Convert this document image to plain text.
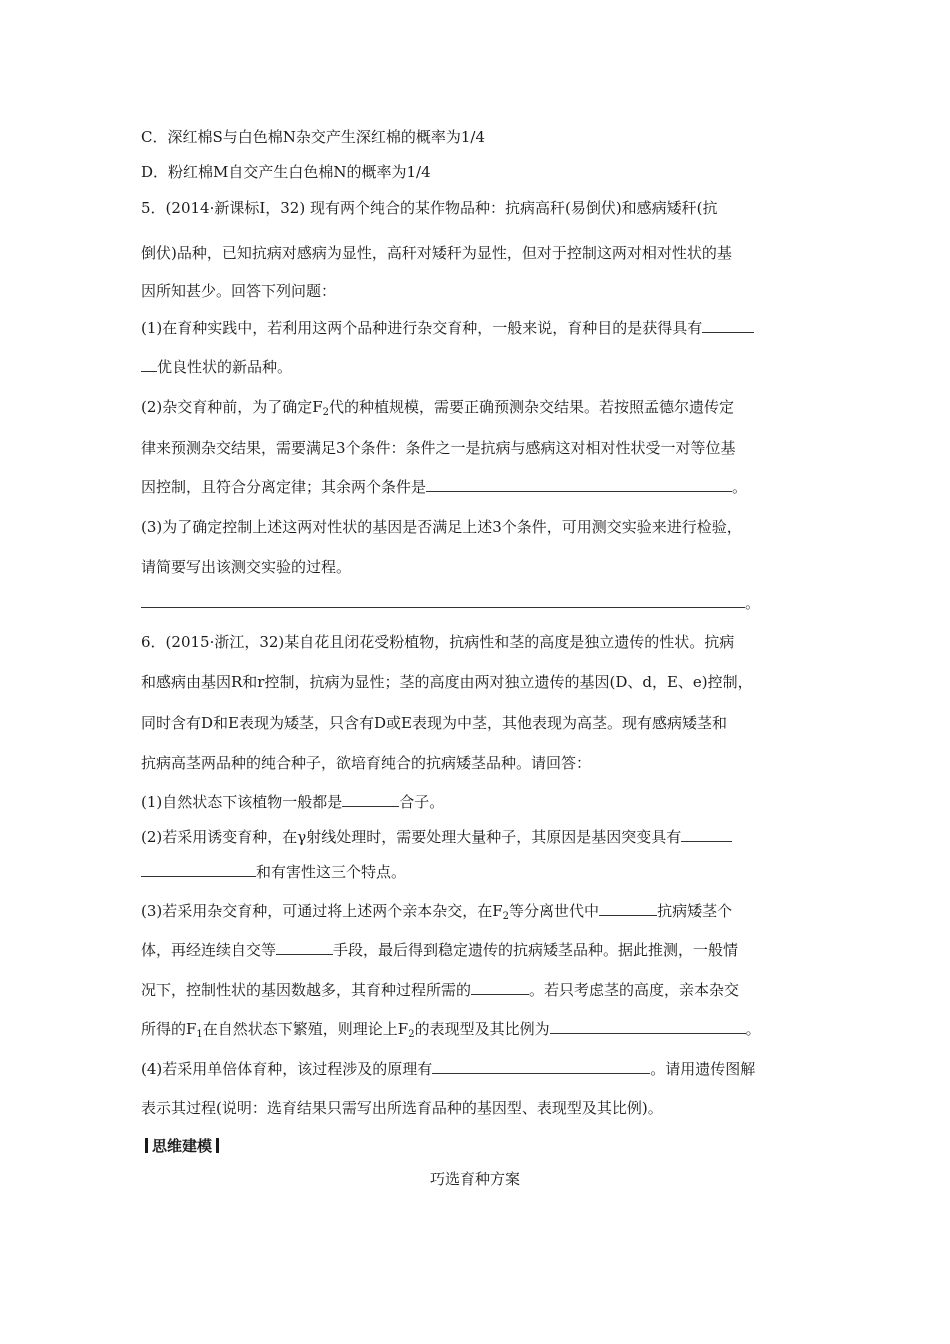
C．深红棉S与白色棉N杂交产生深红棉的概率为1/4
D．粉红棉M自交产生白色棉N的概率为1/4
5．(2014·新课标Ⅰ，32) 现有两个纯合的某作物品种：抗病高秆(易倒伏)和感病矮秆(抗
倒伏)品种，已知抗病对感病为显性，高秆对矮秆为显性，但对于控制这两对相对性状的基
因所知甚少。回答下列问题：
(1)在育种实践中，若利用这两个品种进行杂交育种，一般来说，育种目的是获得具有
优良性状的新品种。
(2)杂交育种前，为了确定$F_2$代的种植规模，需要正确预测杂交结果。若按照孟德尔遗传定
律来预测杂交结果，需要满足3个条件：条件之一是抗病与感病这对相对性状受一对等位基
因控制，且符合分离定律；其余两个条件是	。
(3)为了确定控制上述这两对性状的基因是否满足上述3个条件，可用测交实验来进行检验，
请简要写出该测交实验的过程。
。
6．(2015·浙江，32)某自花且闭花受粉植物，抗病性和茎的高度是独立遗传的性状。抗病
和感病由基因R和r控制，抗病为显性；茎的高度由两对独立遗传的基因(D、d，E、e)控制，
同时含有D和E表现为矮茎，只含有D或E表现为中茎，其他表现为高茎。现有感病矮茎和
抗病高茎两品种的纯合种子，欲培育纯合的抗病矮茎品种。请回答：
(1)自然状态下该植物一般都是	合子。
(2)若采用诱变育种，在γ射线处理时，需要处理大量种子，其原因是基因突变具有
和有害性这三个特点。
(3)若采用杂交育种，可通过将上述两个亲本杂交，在$F_2$等分离世代中	抗病矮茎个
体，再经连续自交等	手段，最后得到稳定遗传的抗病矮茎品种。据此推测，一般情
况下，控制性状的基因数越多，其育种过程所需的	。若只考虑茎的高度，亲本杂交
所得的$F_1$在自然状态下繁殖，则理论上$F_2$的表现型及其比例为	。
(4)若采用单倍体育种，该过程涉及的原理有	。请用遗传图解
表示其过程(说明：选育结果只需写出所选育品种的基因型、表现型及其比例)。
思维建模
巧选育种方案
